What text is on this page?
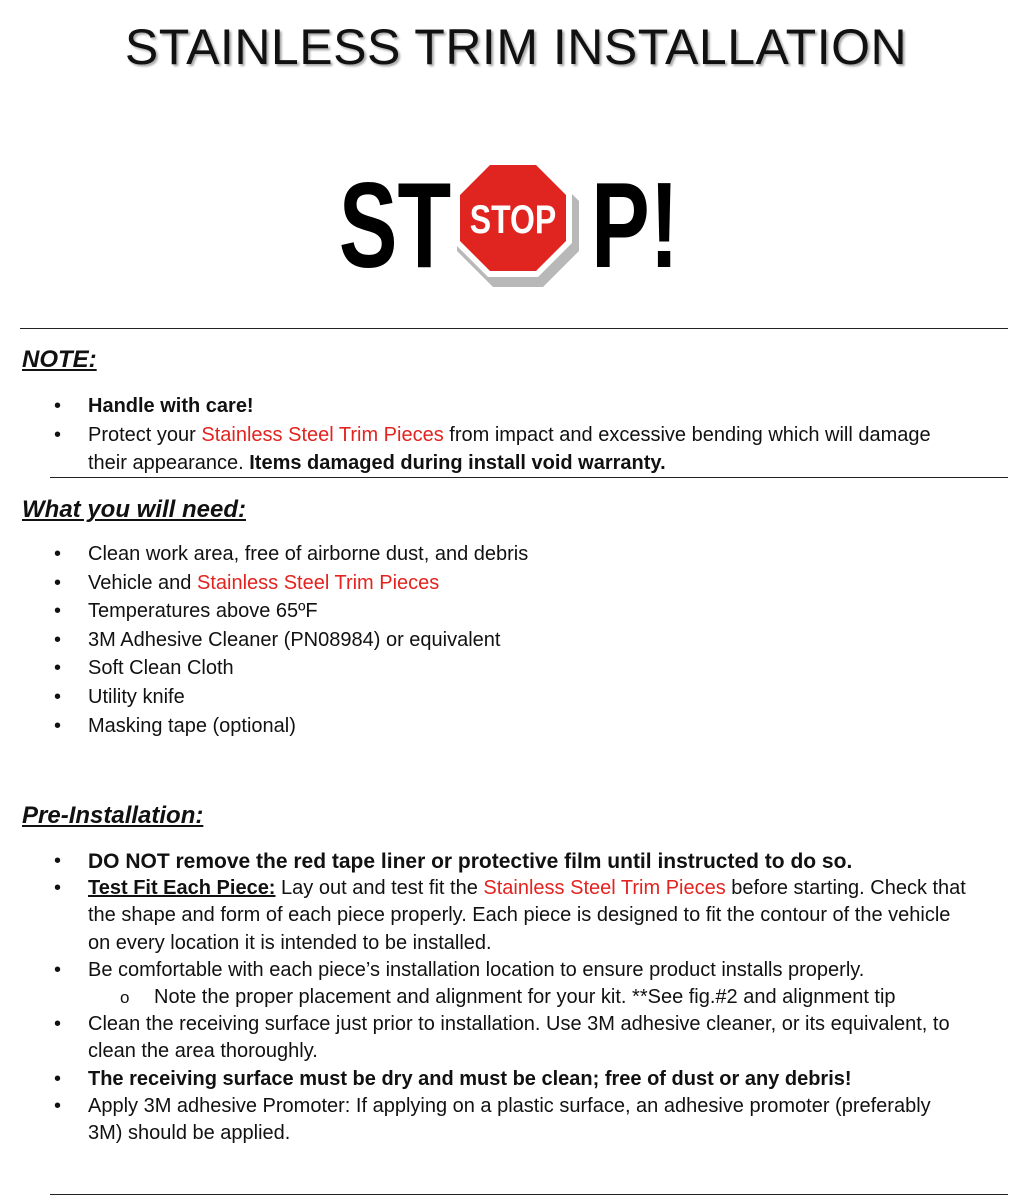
STAINLESS TRIM INSTALLATION
ST STOP P!
NOTE:
• Handle with care!
• Protect your Stainless Steel Trim Pieces from impact and excessive bending which will damage their appearance. Items damaged during install void warranty.
What you will need:
• Clean work area, free of airborne dust, and debris
• Vehicle and Stainless Steel Trim Pieces
• Temperatures above 65ºF
• 3M Adhesive Cleaner (PN08984) or equivalent
• Soft Clean Cloth
• Utility knife
• Masking tape (optional)
Pre-Installation:
• DO NOT remove the red tape liner or protective film until instructed to do so.
• Test Fit Each Piece: Lay out and test fit the Stainless Steel Trim Pieces before starting. Check that the shape and form of each piece properly. Each piece is designed to fit the contour of the vehicle on every location it is intended to be installed.
• Be comfortable with each piece’s installation location to ensure product installs properly.
o Note the proper placement and alignment for your kit. **See fig.#2 and alignment tip
• Clean the receiving surface just prior to installation. Use 3M adhesive cleaner, or its equivalent, to clean the area thoroughly.
• The receiving surface must be dry and must be clean; free of dust or any debris!
• Apply 3M adhesive Promoter: If applying on a plastic surface, an adhesive promoter (preferably 3M) should be applied.
